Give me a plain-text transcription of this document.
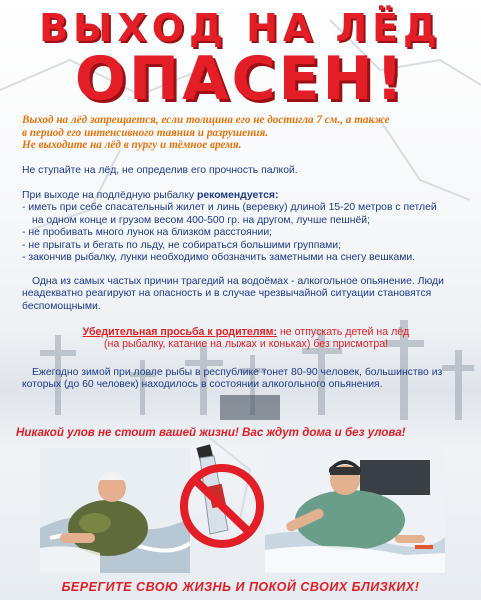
ВЫХОД НА ЛЁД
ОПАСЕН!
Выход на лёд запрещается, если толщина его не достигла 7 см., а также
в период его интенсивного таяния и разрушения.
Не выходите на лёд в пургу и тёмное время.
Не ступайте на лёд, не определив его прочность палкой.
При выходе на подлёдную рыбалку рекомендуется:
- иметь при себе спасательный жилет и линь (веревку) длиной 15-20 метров с петлей
на одном конце и грузом весом 400-500 гр. на другом, лучше пешнёй;
- не пробивать много лунок на близком расстоянии;
- не прыгать и бегать по льду, не собираться большими группами;
- закончив рыбалку, лунки необходимо обозначить заметными на снегу вешками.
Одна из самых частых причин трагедий на водоёмах - алкогольное опьянение. Люди
неадекватно реагируют на опасность и в случае чрезвычайной ситуации становятся
беспомощными.
Убедительная просьба к родителям: не отпускать детей на лёд
(на рыбалку, катание на лыжах и коньках) без присмотра!
Ежегодно зимой при ловле рыбы в республике тонет 80-90 человек, большинство из
которых (до 60 человек) находилось в состоянии алкогольного опьянения.
Никакой улов не стоит вашей жизни! Вас ждут дома и без улова!
БЕРЕГИТЕ СВОЮ ЖИЗНЬ И ПОКОЙ СВОИХ БЛИЗКИХ!
